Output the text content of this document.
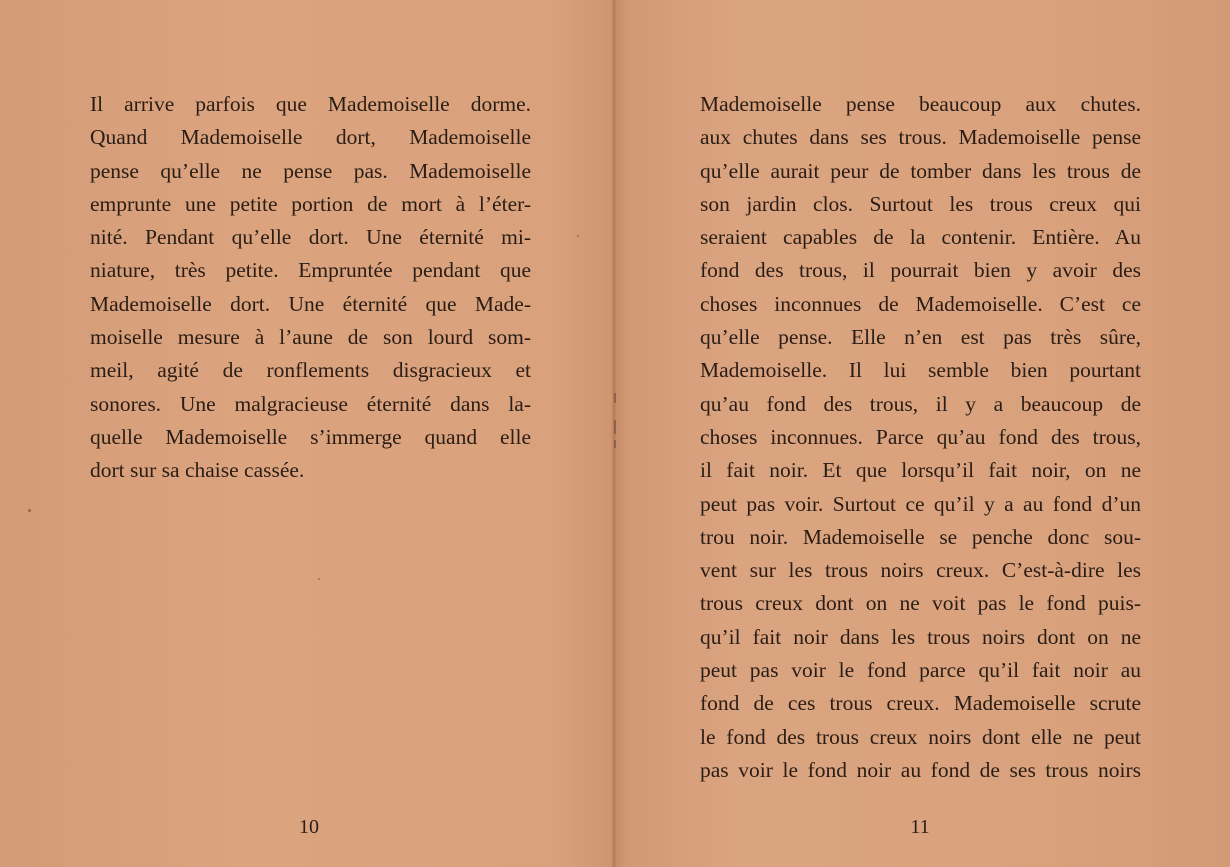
Il arrive parfois que Mademoiselle dorme.
Quand Mademoiselle dort, Mademoiselle
pense qu’elle ne pense pas. Mademoiselle
emprunte une petite portion de mort à l’éter-
nité. Pendant qu’elle dort. Une éternité mi-
niature, très petite. Empruntée pendant que
Mademoiselle dort. Une éternité que Made-
moiselle mesure à l’aune de son lourd som-
meil, agité de ronflements disgracieux et
sonores. Une malgracieuse éternité dans la-
quelle Mademoiselle s’immerge quand elle
dort sur sa chaise cassée.
10
Mademoiselle pense beaucoup aux chutes.
aux chutes dans ses trous. Mademoiselle pense
qu’elle aurait peur de tomber dans les trous de
son jardin clos. Surtout les trous creux qui
seraient capables de la contenir. Entière. Au
fond des trous, il pourrait bien y avoir des
choses inconnues de Mademoiselle. C’est ce
qu’elle pense. Elle n’en est pas très sûre,
Mademoiselle. Il lui semble bien pourtant
qu’au fond des trous, il y a beaucoup de
choses inconnues. Parce qu’au fond des trous,
il fait noir. Et que lorsqu’il fait noir, on ne
peut pas voir. Surtout ce qu’il y a au fond d’un
trou noir. Mademoiselle se penche donc sou-
vent sur les trous noirs creux. C’est-à-dire les
trous creux dont on ne voit pas le fond puis-
qu’il fait noir dans les trous noirs dont on ne
peut pas voir le fond parce qu’il fait noir au
fond de ces trous creux. Mademoiselle scrute
le fond des trous creux noirs dont elle ne peut
pas voir le fond noir au fond de ses trous noirs
11
